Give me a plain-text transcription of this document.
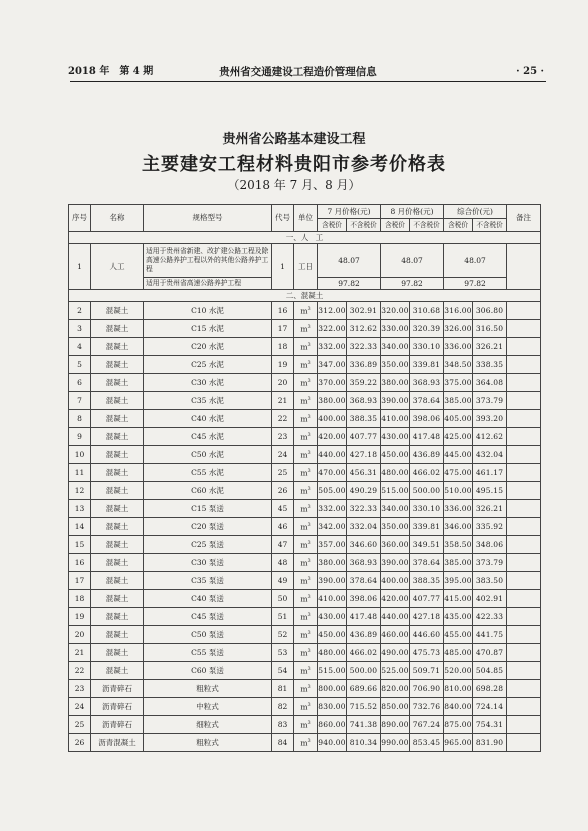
2018 年　第 4 期	贵州省交通建设工程造价管理信息	· 25 ·
贵州省公路基本建设工程
主要建安工程材料贵阳市参考价格表
（2018 年 7 月、8 月）
序号	名称	规格型号	代号	单位	7 月价格(元)		8 月价格(元)		综合价(元)		备注
					含税价	不含税价	含税价	不含税价	含税价	不含税价	
一、人　工											
1	人工	适用于贵州省新建、改扩建公路工程及除高速公路养护工程以外的其他公路养护工程	1	工日	48.07		48.07		48.07		
		适用于贵州省高速公路养护工程			97.82		97.82		97.82		
二、混凝土											
2	混凝土	C10 水泥	16	$m^3$	312.00	302.91	320.00	310.68	316.00	306.80	
3	混凝土	C15 水泥	17	$m^3$	322.00	312.62	330.00	320.39	326.00	316.50	
4	混凝土	C20 水泥	18	$m^3$	332.00	322.33	340.00	330.10	336.00	326.21	
5	混凝土	C25 水泥	19	$m^3$	347.00	336.89	350.00	339.81	348.50	338.35	
6	混凝土	C30 水泥	20	$m^3$	370.00	359.22	380.00	368.93	375.00	364.08	
7	混凝土	C35 水泥	21	$m^3$	380.00	368.93	390.00	378.64	385.00	373.79	
8	混凝土	C40 水泥	22	$m^3$	400.00	388.35	410.00	398.06	405.00	393.20	
9	混凝土	C45 水泥	23	$m^3$	420.00	407.77	430.00	417.48	425.00	412.62	
10	混凝土	C50 水泥	24	$m^3$	440.00	427.18	450.00	436.89	445.00	432.04	
11	混凝土	C55 水泥	25	$m^3$	470.00	456.31	480.00	466.02	475.00	461.17	
12	混凝土	C60 水泥	26	$m^3$	505.00	490.29	515.00	500.00	510.00	495.15	
13	混凝土	C15 泵送	45	$m^3$	332.00	322.33	340.00	330.10	336.00	326.21	
14	混凝土	C20 泵送	46	$m^3$	342.00	332.04	350.00	339.81	346.00	335.92	
15	混凝土	C25 泵送	47	$m^3$	357.00	346.60	360.00	349.51	358.50	348.06	
16	混凝土	C30 泵送	48	$m^3$	380.00	368.93	390.00	378.64	385.00	373.79	
17	混凝土	C35 泵送	49	$m^3$	390.00	378.64	400.00	388.35	395.00	383.50	
18	混凝土	C40 泵送	50	$m^3$	410.00	398.06	420.00	407.77	415.00	402.91	
19	混凝土	C45 泵送	51	$m^3$	430.00	417.48	440.00	427.18	435.00	422.33	
20	混凝土	C50 泵送	52	$m^3$	450.00	436.89	460.00	446.60	455.00	441.75	
21	混凝土	C55 泵送	53	$m^3$	480.00	466.02	490.00	475.73	485.00	470.87	
22	混凝土	C60 泵送	54	$m^3$	515.00	500.00	525.00	509.71	520.00	504.85	
23	沥青碎石	粗粒式	81	$m^3$	800.00	689.66	820.00	706.90	810.00	698.28	
24	沥青碎石	中粒式	82	$m^3$	830.00	715.52	850.00	732.76	840.00	724.14	
25	沥青碎石	细粒式	83	$m^3$	860.00	741.38	890.00	767.24	875.00	754.31	
26	沥青混凝土	粗粒式	84	$m^3$	940.00	810.34	990.00	853.45	965.00	831.90	
